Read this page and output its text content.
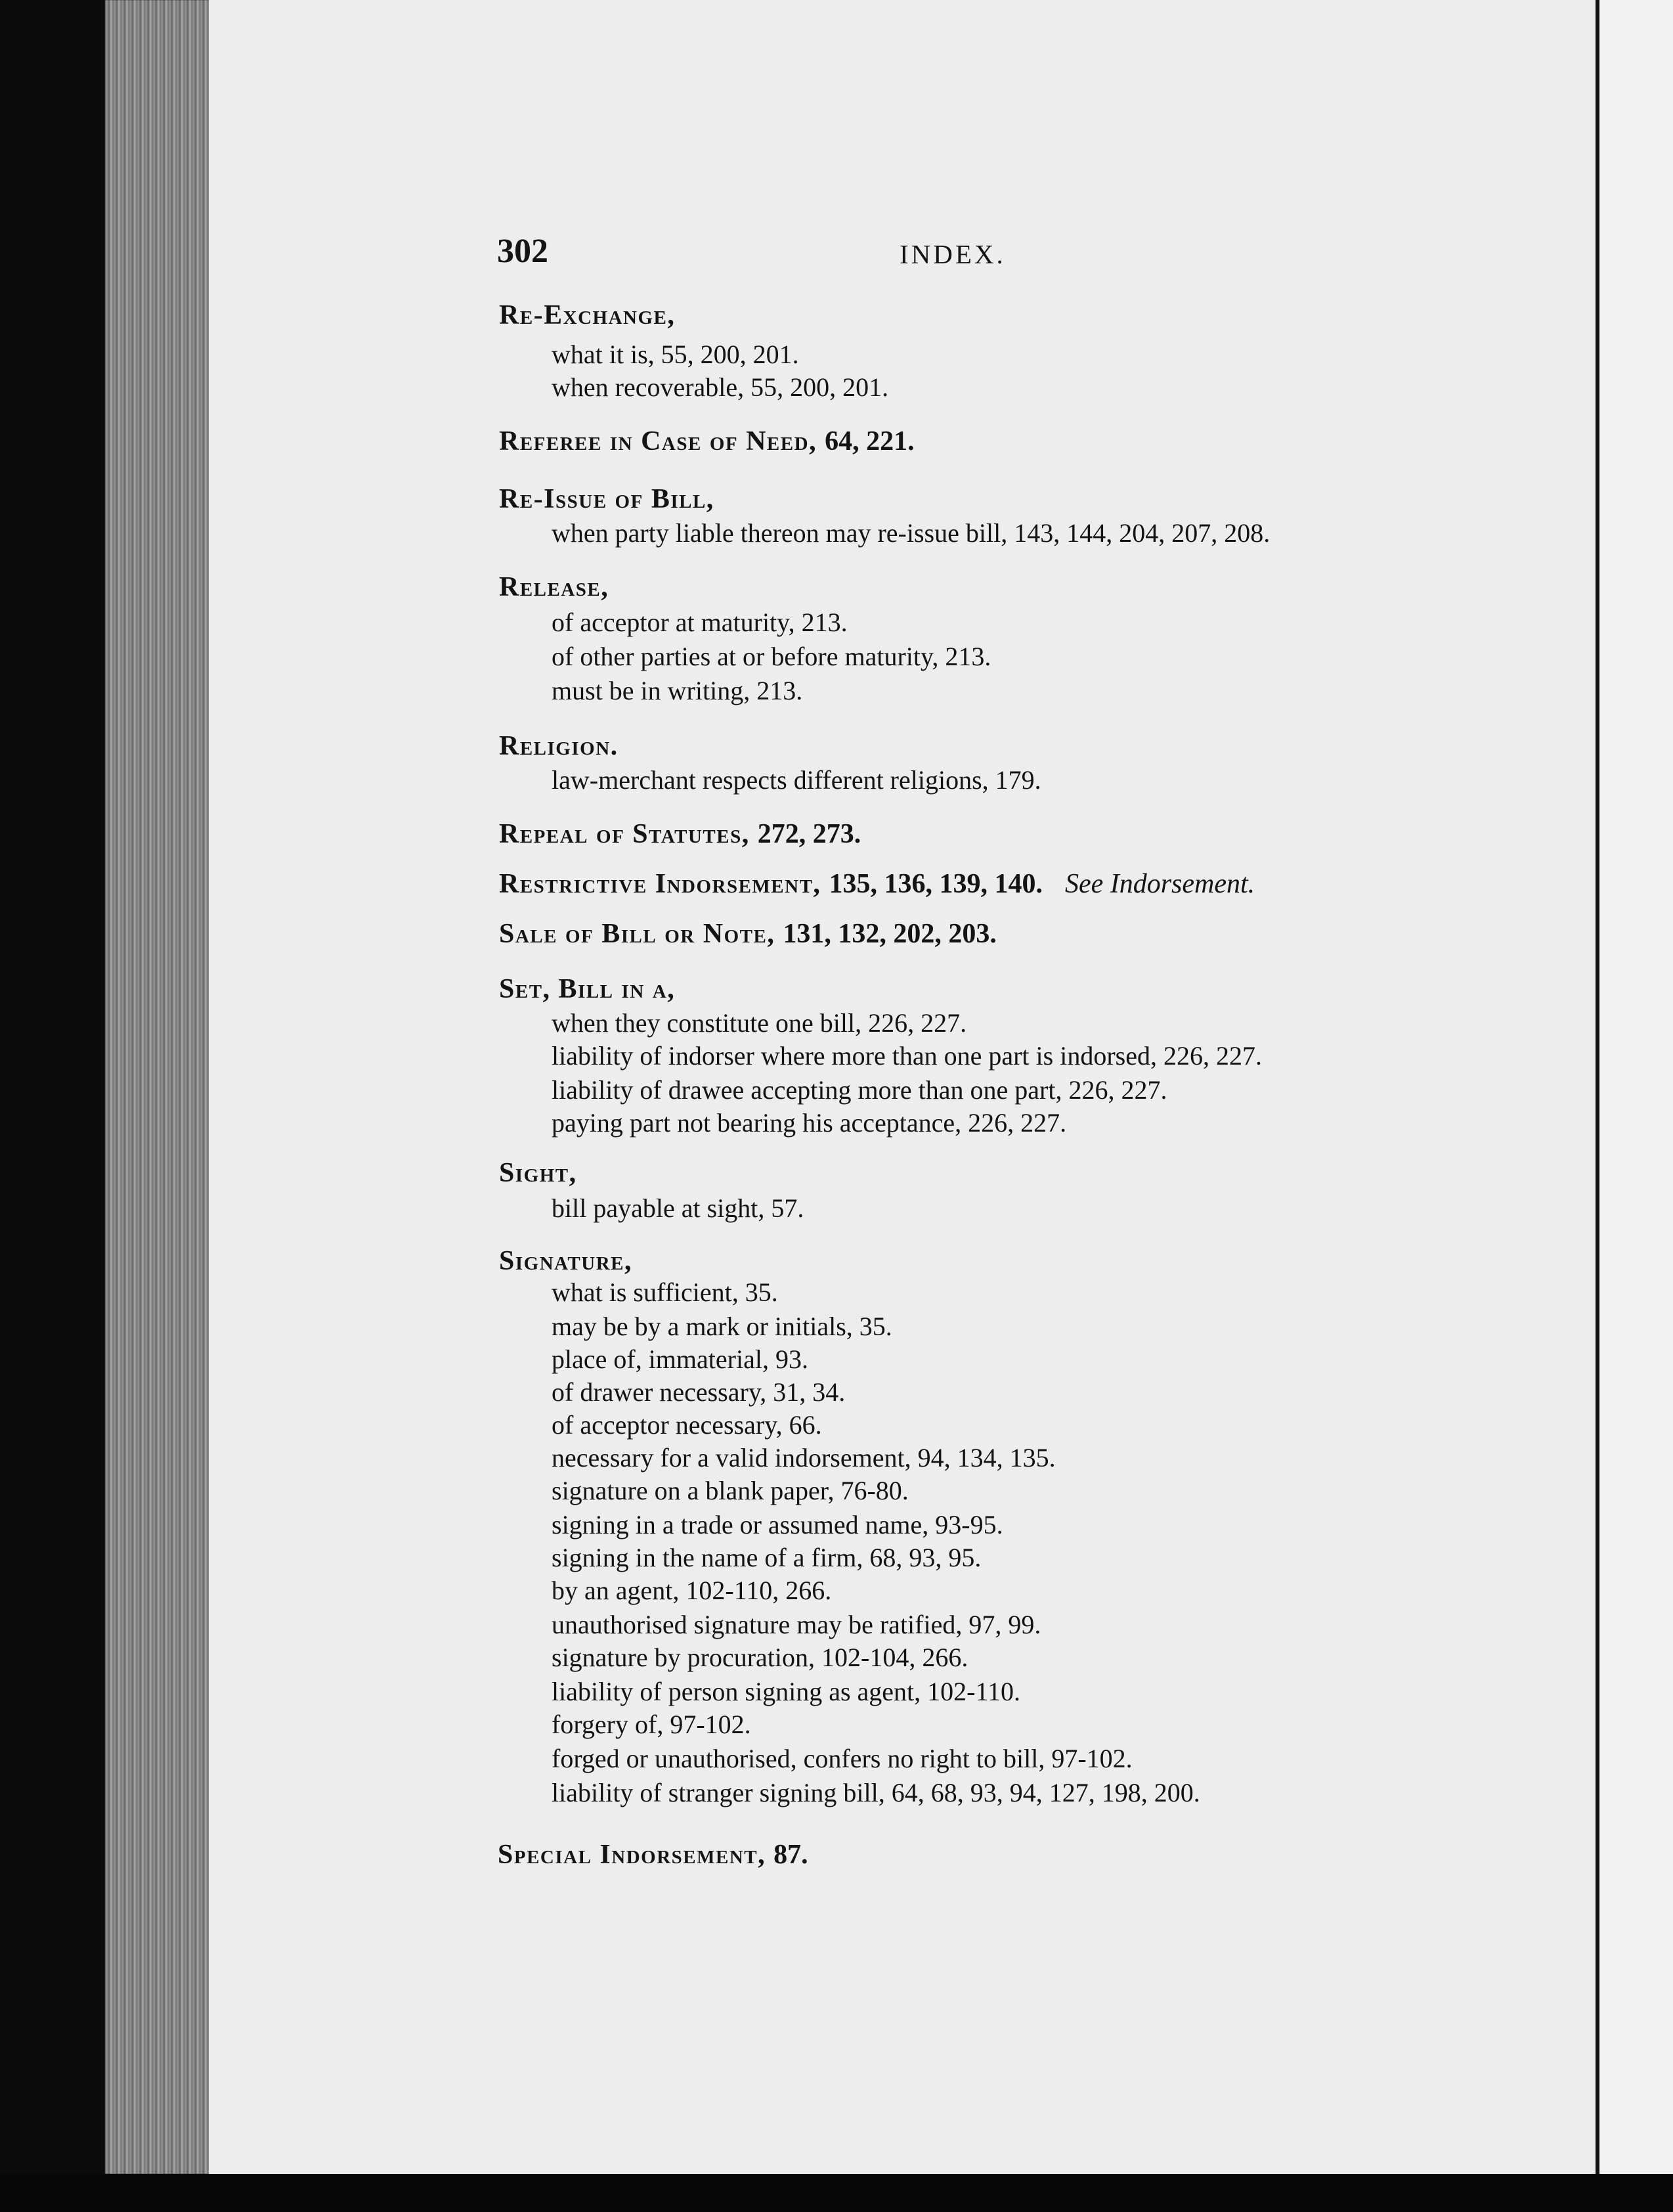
302	INDEX.
Re-Exchange,
what it is, 55, 200, 201.
when recoverable, 55, 200, 201.
Referee in Case of Need, 64, 221.
Re-Issue of Bill,
when party liable thereon may re-issue bill, 143, 144, 204, 207, 208.
Release,
of acceptor at maturity, 213.
of other parties at or before maturity, 213.
must be in writing, 213.
Religion.
law-merchant respects different religions, 179.
Repeal of Statutes, 272, 273.
Restrictive Indorsement, 135, 136, 139, 140. See Indorsement.
Sale of Bill or Note, 131, 132, 202, 203.
Set, Bill in a,
when they constitute one bill, 226, 227.
liability of indorser where more than one part is indorsed, 226, 227.
liability of drawee accepting more than one part, 226, 227.
paying part not bearing his acceptance, 226, 227.
Sight,
bill payable at sight, 57.
Signature,
what is sufficient, 35.
may be by a mark or initials, 35.
place of, immaterial, 93.
of drawer necessary, 31, 34.
of acceptor necessary, 66.
necessary for a valid indorsement, 94, 134, 135.
signature on a blank paper, 76-80.
signing in a trade or assumed name, 93-95.
signing in the name of a firm, 68, 93, 95.
by an agent, 102-110, 266.
unauthorised signature may be ratified, 97, 99.
signature by procuration, 102-104, 266.
liability of person signing as agent, 102-110.
forgery of, 97-102.
forged or unauthorised, confers no right to bill, 97-102.
liability of stranger signing bill, 64, 68, 93, 94, 127, 198, 200.
Special Indorsement, 87.
